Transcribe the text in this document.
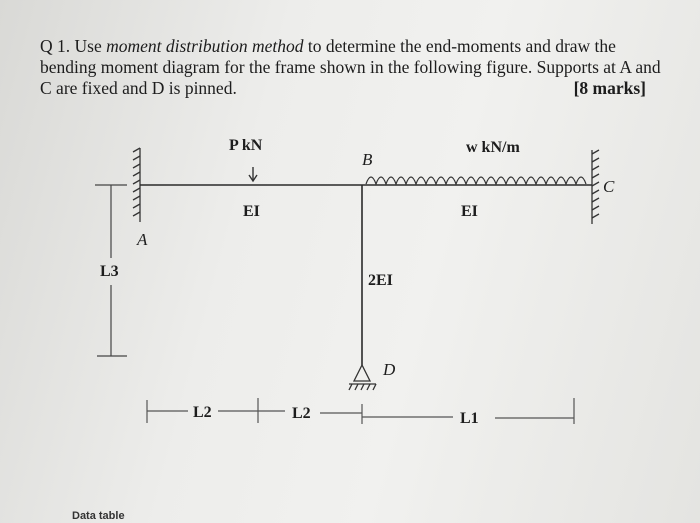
Q 1. Use moment distribution method to determine the end-moments and draw the bending moment diagram for the frame shown in the following figure. Supports at A and C are fixed and D is pinned.	[8 marks]
P kN	w kN/m
B
C
A
D
EI	EI
2EI
L3
L2	L2	L1
Data table
